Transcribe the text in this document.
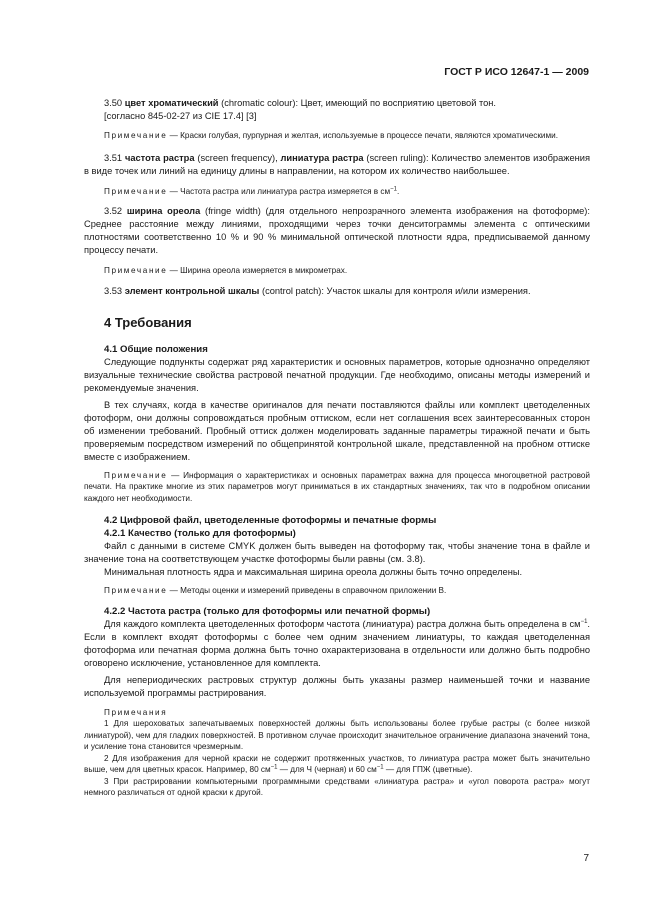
ГОСТ Р ИСО 12647-1 — 2009

3.50 цвет хроматический (chromatic colour): Цвет, имеющий по восприятию цветовой тон.

[согласно 845-02-27 из CIE 17.4] [3]

Примечание — Краски голубая, пурпурная и желтая, используемые в процессе печати, являются хроматическими.

3.51 частота растра (screen frequency), линиатура растра (screen ruling): Количество элементов изображения в виде точек или линий на единицу длины в направлении, на котором их количество наибольшее.

Примечание — Частота растра или линиатура растра измеряется в $см^{-1}$.

3.52 ширина ореола (fringe width) (для отдельного непрозрачного элемента изображения на фотоформе): Среднее расстояние между линиями, проходящими через точки денситограммы элемента с оптическими плотностями соответственно 10 % и 90 % минимальной оптической плотности ядра, предписываемой данному процессу печати.

Примечание — Ширина ореола измеряется в микрометрах.

3.53 элемент контрольной шкалы (control patch): Участок шкалы для контроля и/или измерения.

4 Требования
4.1 Общие положения

Следующие подпункты содержат ряд характеристик и основных параметров, которые однозначно определяют визуальные технические свойства растровой печатной продукции. Где необходимо, описаны методы измерений и рекомендуемые значения.

В тех случаях, когда в качестве оригиналов для печати поставляются файлы или комплект цветоделенных фотоформ, они должны сопровождаться пробным оттиском, если нет соглашения всех заинтересованных сторон об изменении требований. Пробный оттиск должен моделировать заданные параметры тиражной печати и быть проверяемым посредством измерений по общепринятой контрольной шкале, представленной на пробном оттиске вместе с изображением.

Примечание — Информация о характеристиках и основных параметрах важна для процесса многоцветной растровой печати. На практике многие из этих параметров могут приниматься в их стандартных значениях, так что в подробном описании каждого нет необходимости.

4.2 Цифровой файл, цветоделенные фотоформы и печатные формы
4.2.1 Качество (только для фотоформы)

Файл с данными в системе CMYK должен быть выведен на фотоформу так, чтобы значение тона в файле и значение тона на соответствующем участке фотоформы были равны (см. 3.8).

Минимальная плотность ядра и максимальная ширина ореола должны быть точно определены.

Примечание — Методы оценки и измерений приведены в справочном приложении В.

4.2.2 Частота растра (только для фотоформы или печатной формы)

Для каждого комплекта цветоделенных фотоформ частота (линиатура) растра должна быть определена в $см^{-1}$. Если в комплект входят фотоформы с более чем одним значением линиатуры, то каждая цветоделенная фотоформа или печатная форма должна быть точно охарактеризована в отдельности или должно быть подробно оговорено исключение, установленное для комплекта.

Для непериодических растровых структур должны быть указаны размер наименьшей точки и название используемой программы растрирования.

Примечания

1 Для шероховатых запечатываемых поверхностей должны быть использованы более грубые растры (с более низкой линиатурой), чем для гладких поверхностей. В противном случае происходит значительное ограничение диапазона значений тона, и усиление тона становится чрезмерным.

2 Для изображения для черной краски не содержит протяженных участков, то линиатура растра может быть значительно выше, чем для цветных красок. Например, 80 $см^{-1}$ — для Ч (черная) и 60 $см^{-1}$ — для ГПЖ (цветные).

3 При растрировании компьютерными программными средствами «линиатура растра» и «угол поворота растра» могут немного различаться от одной краски к другой.

7
